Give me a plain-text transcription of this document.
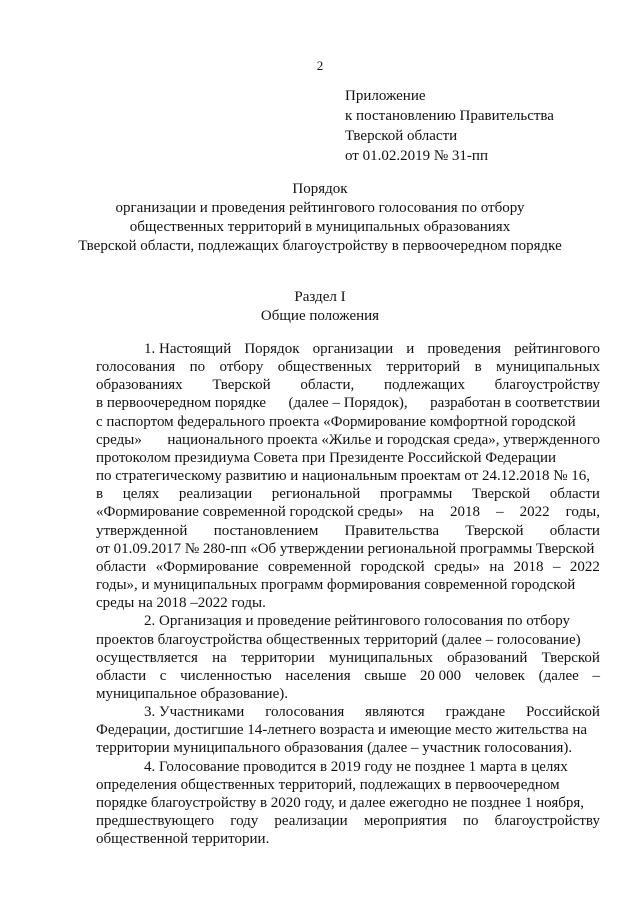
2
Приложение
к постановлению Правительства
Тверской области
от 01.02.2019 № 31-пп
Порядок
организации и проведения рейтингового голосования по отбору
общественных территорий в муниципальных образованиях
Тверской области, подлежащих благоустройству в первоочередном порядке
Раздел I
Общие положения
1. Настоящий Порядок организации и проведения рейтингового
голосования по отбору общественных территорий в муниципальных
образованиях Тверской области, подлежащих благоустройству
в первоочередном порядке (далее – Порядок), разработан в соответствии
с паспортом федерального проекта «Формирование комфортной городской
среды» национального проекта «Жилье и городская среда», утвержденного
протоколом президиума Совета при Президенте Российской Федерации
по стратегическому развитию и национальным проектам от 24.12.2018 № 16,
в целях реализации региональной программы Тверской области
«Формирование современной городской среды» на 2018 – 2022 годы,
утвержденной постановлением Правительства Тверской области
от 01.09.2017 № 280-пп «Об утверждении региональной программы Тверской
области «Формирование современной городской среды» на 2018 – 2022
годы», и муниципальных программ формирования современной городской
среды на 2018 –2022 годы.
2. Организация и проведение рейтингового голосования по отбору
проектов благоустройства общественных территорий (далее – голосование)
осуществляется на территории муниципальных образований Тверской
области с численностью населения свыше 20 000 человек (далее –
муниципальное образование).
3. Участниками голосования являются граждане Российской
Федерации, достигшие 14-летнего возраста и имеющие место жительства на
территории муниципального образования (далее – участник голосования).
4. Голосование проводится в 2019 году не позднее 1 марта в целях
определения общественных территорий, подлежащих в первоочередном
порядке благоустройству в 2020 году, и далее ежегодно не позднее 1 ноября,
предшествующего году реализации мероприятия по благоустройству
общественной территории.
